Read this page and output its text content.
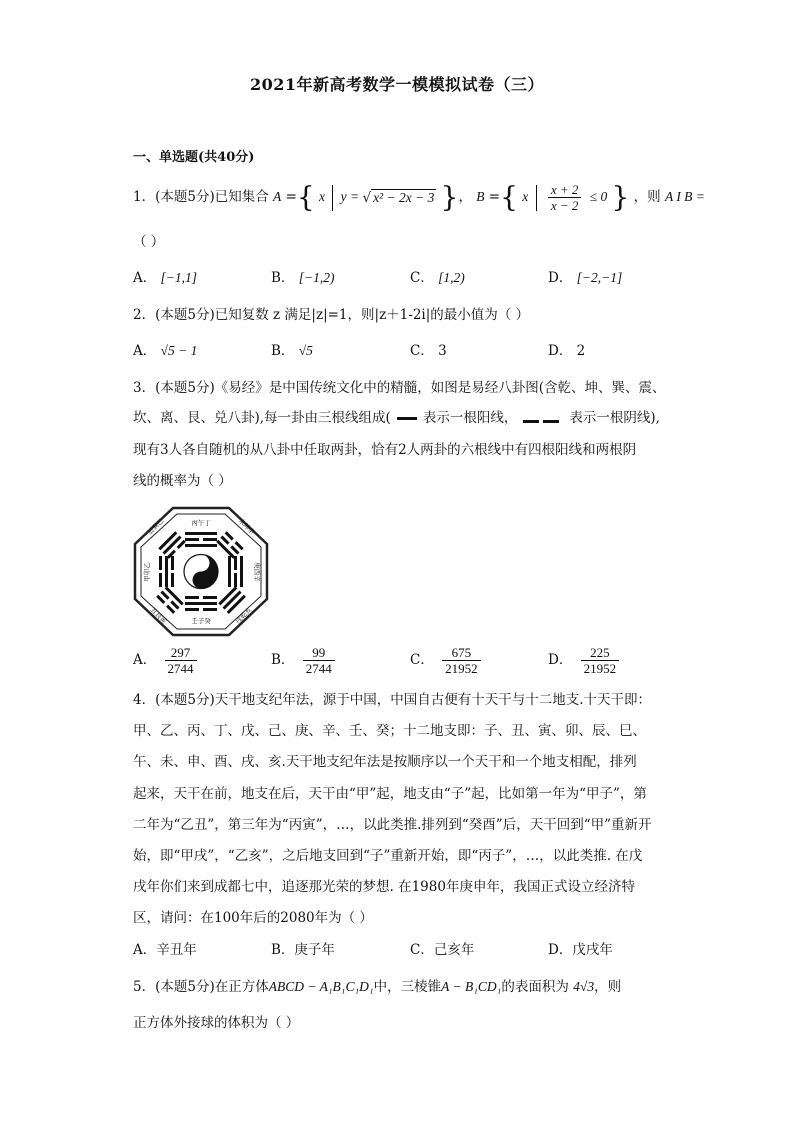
2021年新高考数学一模模拟试卷（三）
一、单选题(共40分)
1．(本题5分)已知集合 A ={ x y = √ x² − 2x − 3 }， B ={ x $\frac{x + 2}{x - 2} \le 0$ } ，则 A I B =
（ ）
A． [−1,1]	B． [−1,2)	C． [1,2)	D． [−2,−1]
2．(本题5分)已知复数 z 满足|z|=1，则|z＋1-2i|的最小值为（ ）
A． √5 − 1	B． √5	C． 3	D． 2
3．(本题5分)《易经》是中国传统文化中的精髓，如图是易经八卦图(含乾、坤、巽、震、
坎、离、艮、兑八卦),每一卦由三根线组成( 表示一根阳线，	表示一根阴线),
现有3人各自随机的从八卦中任取两卦，恰有2人两卦的六根线中有四根阳线和两根阴
线的概率为（ ）
丙午丁
壬子癸
未坤申
庚酉辛
戌乾亥
丑艮寅
甲卯乙
辰巽巳
A． $\frac{297}{2744}$	B． $\frac{99}{2744}$	C． $\frac{675}{21952}$	D． $\frac{225}{21952}$
4．(本题5分)天干地支纪年法，源于中国，中国自古便有十天干与十二地支.十天干即：
甲、乙、丙、丁、戊、己、庚、辛、壬、癸；十二地支即：子、丑、寅、卯、辰、巳、
午、未、申、酉、戌、亥.天干地支纪年法是按顺序以一个天干和一个地支相配，排列
起来，天干在前，地支在后，天干由“甲”起，地支由“子”起，比如第一年为“甲子”，第
二年为“乙丑”，第三年为“丙寅”，…，以此类推.排列到“癸酉”后，天干回到“甲”重新开
始，即“甲戌”，“乙亥”，之后地支回到“子”重新开始，即“丙子”，…，以此类推. 在戊
戌年你们来到成都七中，追逐那光荣的梦想. 在1980年庚申年，我国正式设立经济特
区，请问：在100年后的2080年为（ ）
A．辛丑年	B．庚子年	C．己亥年	D．戊戌年
5．(本题5分)在正方体ABCD − A₁B₁C₁D₁中，三棱锥A − B₁CD₁的表面积为 4√3，则
正方体外接球的体积为（ ）
